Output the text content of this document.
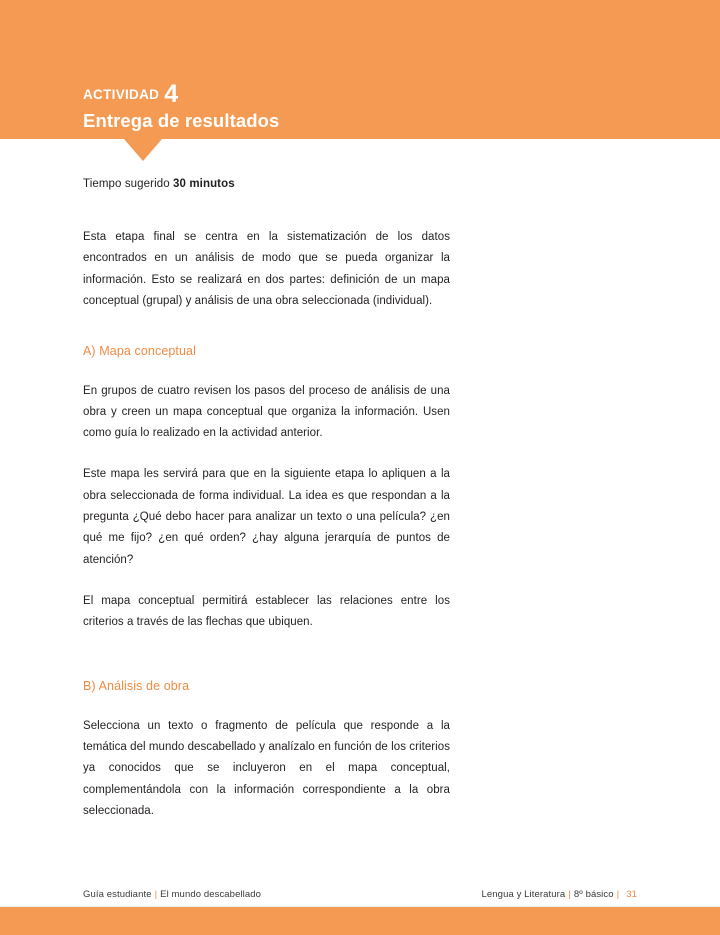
ACTIVIDAD 4
Entrega de resultados
Tiempo sugerido 30 minutos

Esta etapa final se centra en la sistematización de los datos encontrados en un análisis de modo que se pueda organizar la información. Esto se realizará en dos partes: definición de un mapa conceptual (grupal) y análisis de una obra seleccionada (individual).

A) Mapa conceptual

En grupos de cuatro revisen los pasos del proceso de análisis de una obra y creen un mapa conceptual que organiza la información. Usen como guía lo realizado en la actividad anterior.

Este mapa les servirá para que en la siguiente etapa lo apliquen a la obra seleccionada de forma individual. La idea es que respondan a la pregunta ¿Qué debo hacer para analizar un texto o una película? ¿en qué me fijo? ¿en qué orden? ¿hay alguna jerarquía de puntos de atención?

El mapa conceptual permitirá establecer las relaciones entre los criterios a través de las flechas que ubiquen.

B) Análisis de obra

Selecciona un texto o fragmento de película que responde a la temática del mundo descabellado y analízalo en función de los criterios ya conocidos que se incluyeron en el mapa conceptual, complementándola con la información correspondiente a la obra seleccionada.

Guía estudiante | El mundo descabellado	Lengua y Literatura | 8º básico | 31
